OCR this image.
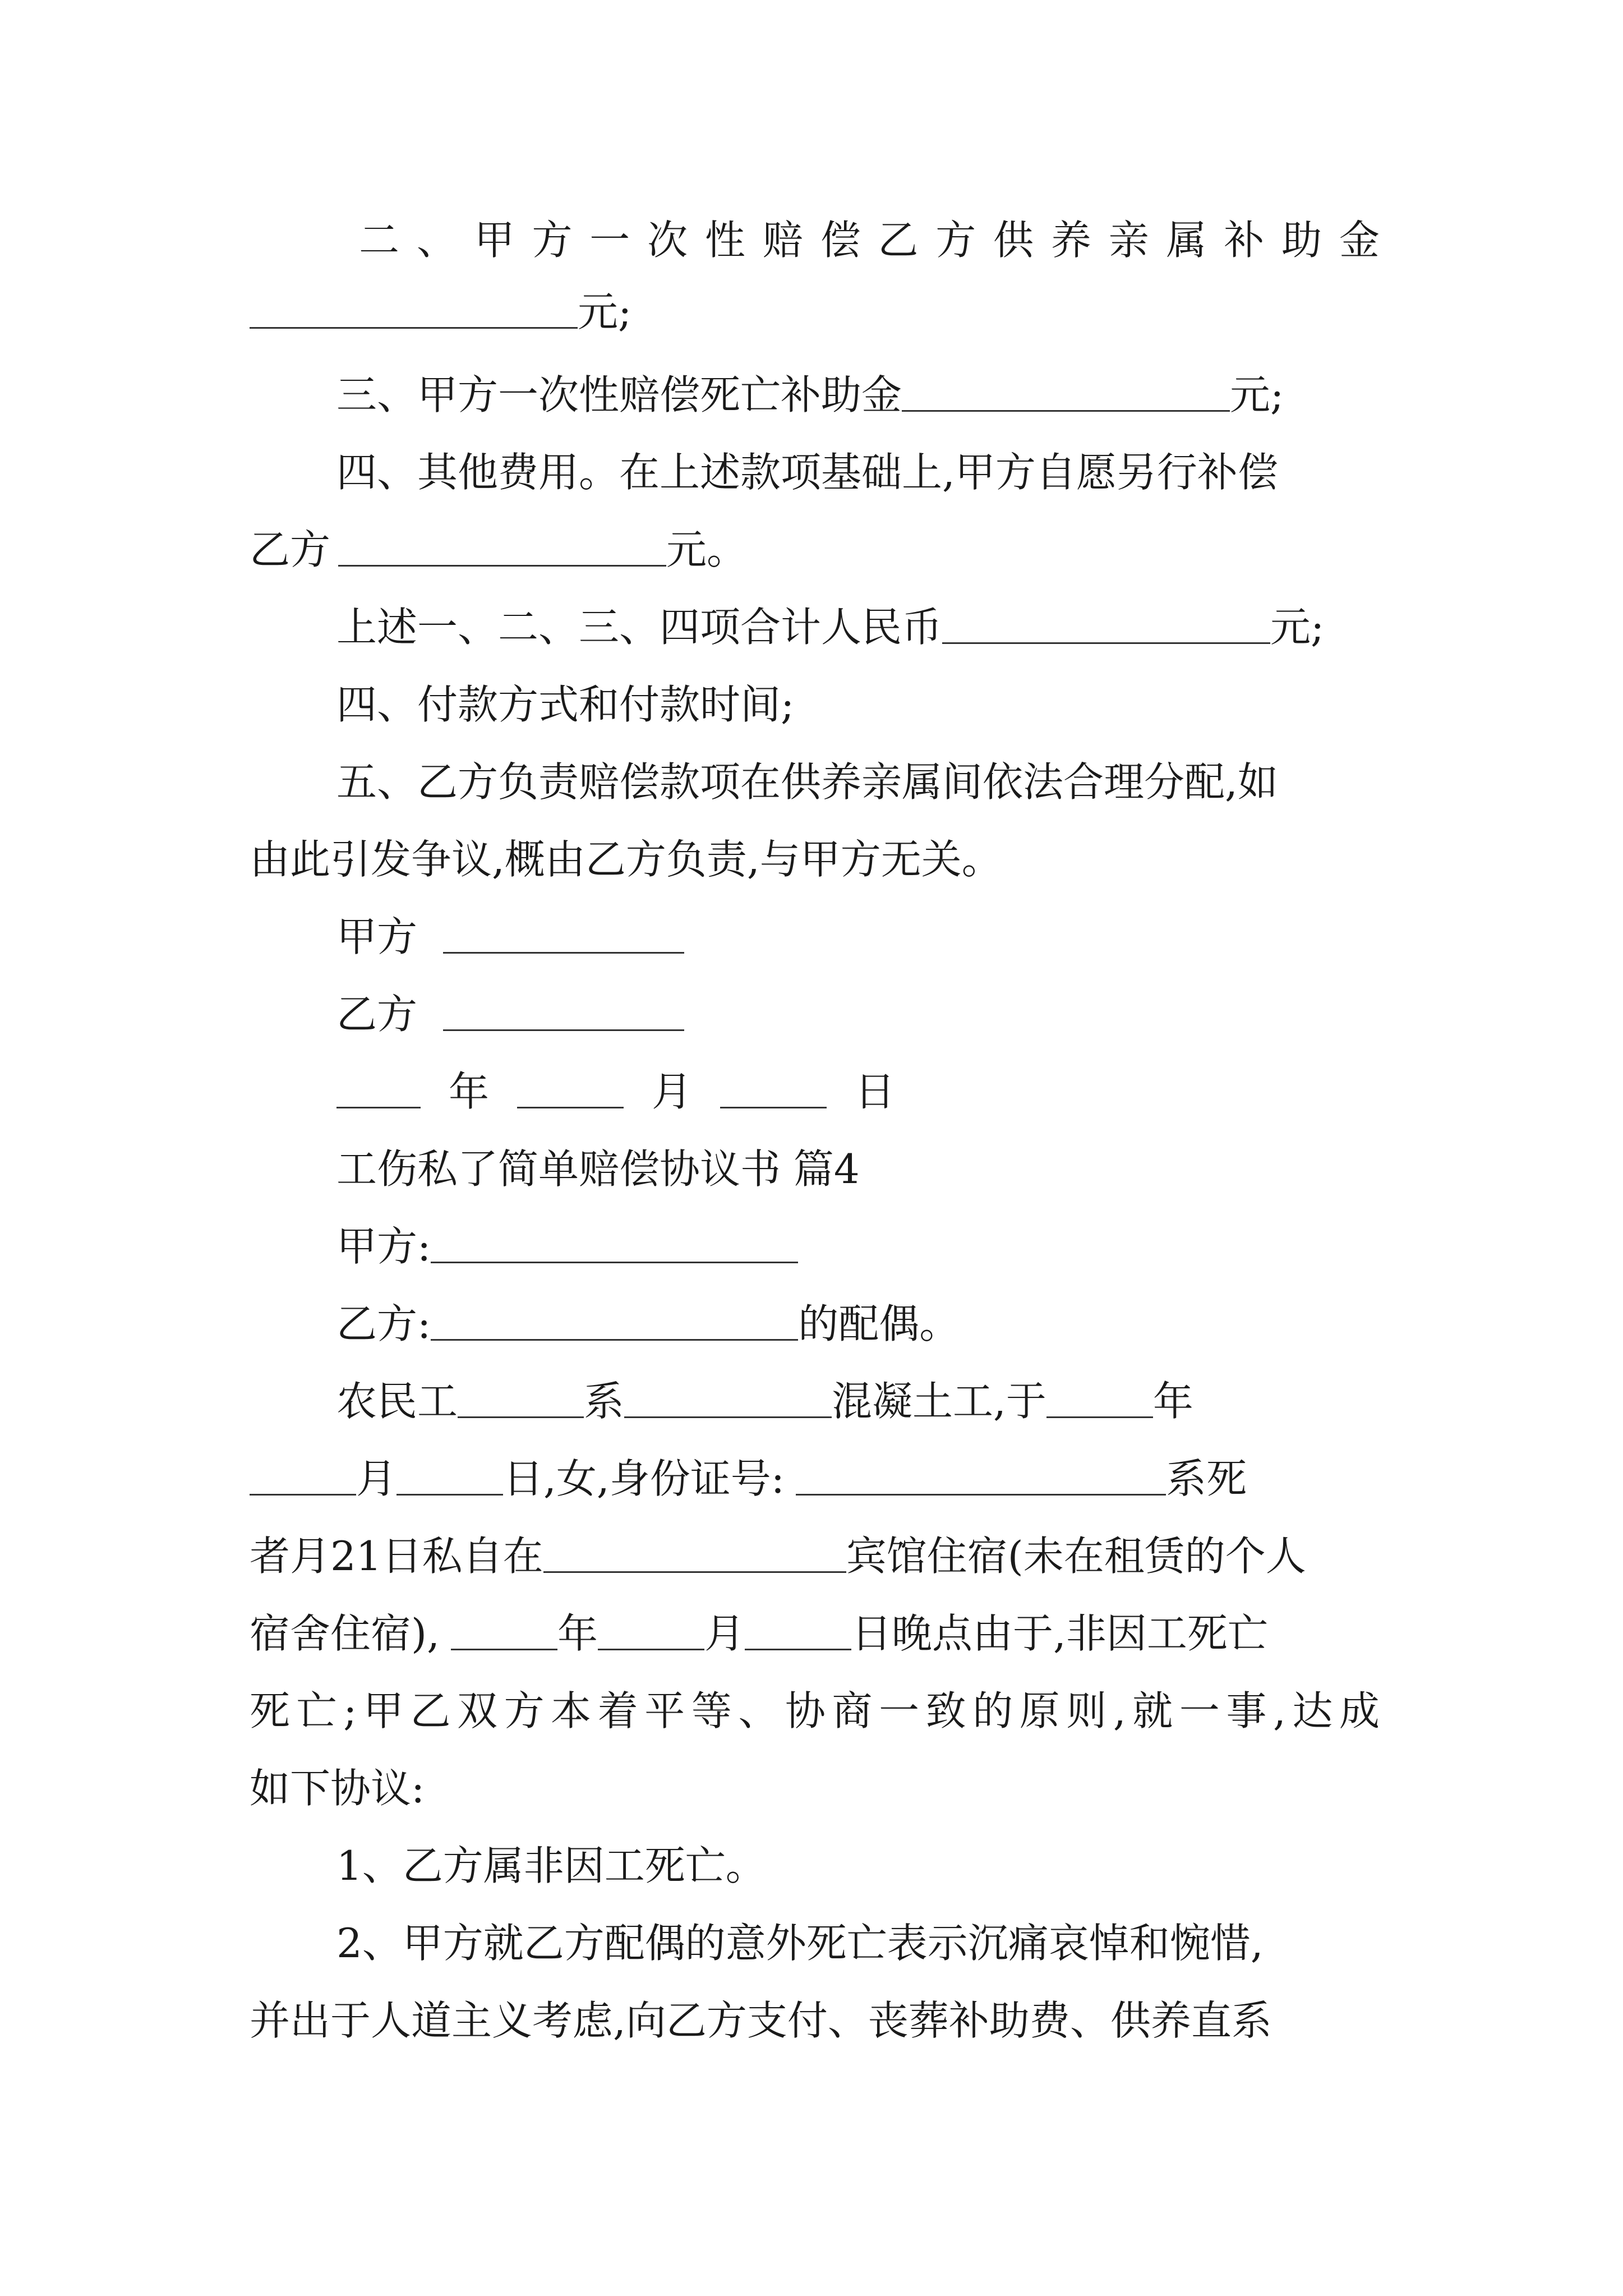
二、甲方一次性赔偿乙方供养亲属补助金
元;
三、甲方一次性赔偿死亡补助金	元;
四、其他费用。在上述款项基础上,甲方自愿另行补偿
乙方	元。
上述一、二、三、四项合计人民币	元;
四、付款方式和付款时间;
五、乙方负责赔偿款项在供养亲属间依法合理分配,如
由此引发争议,概由乙方负责,与甲方无关。
甲方
乙方
年	月	日
工伤私了简单赔偿协议书 篇4
甲方:
乙方:	的配偶。
农民工	系	混凝土工,于	年
月	日,女,身份证号:	系死
者月21日私自在	宾馆住宿(未在租赁的个人
宿舍住宿),	年	月	日晚点由于,非因工死亡
死亡;甲乙双方本着平等、协商一致的原则,就一事,达成
如下协议:
1、乙方属非因工死亡。
2、甲方就乙方配偶的意外死亡表示沉痛哀悼和惋惜,
并出于人道主义考虑,向乙方支付、丧葬补助费、供养直系
